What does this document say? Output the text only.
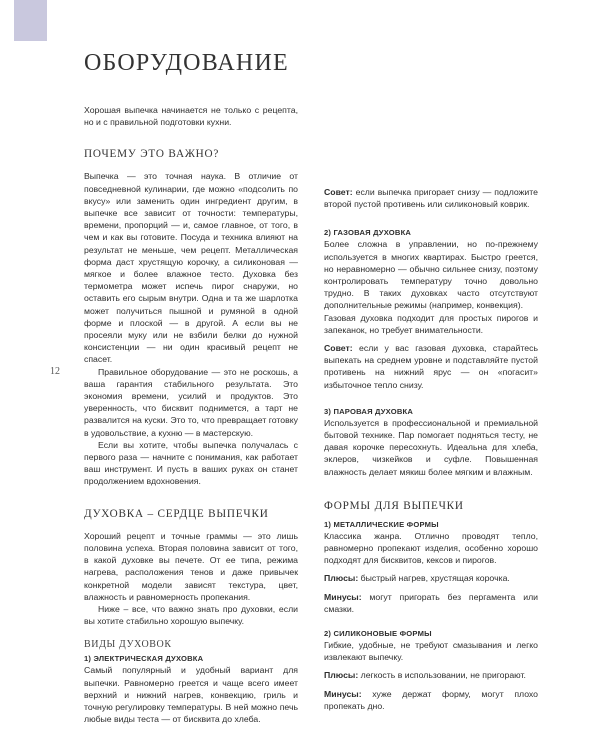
ОБОРУДОВАНИЕ
12

Хорошая выпечка начинается не только с рецепта, но и с правильной подготовки кухни.

ПОЧЕМУ ЭТО ВАЖНО?

Выпечка — это точная наука. В отличие от повседневной кулинарии, где можно «подсолить по вкусу» или заменить один ингредиент другим, в выпечке все зависит от точности: температуры, времени, пропорций — и, самое главное, от того, в чем и как вы готовите. Посуда и техника влияют на результат не меньше, чем рецепт. Металлическая форма даст хрустящую корочку, а силиконовая — мягкое и более влажное тесто. Духовка без термометра может испечь пирог снаружи, но оставить его сырым внутри. Одна и та же шарлотка может получиться пышной и румяной в одной форме и плоской — в другой. А если вы не просеяли муку или не взбили белки до нужной консистенции — ни один красивый рецепт не спасет.

Правильное оборудование — это не роскошь, а ваша гарантия стабильного результата. Это экономия времени, усилий и продуктов. Это уверенность, что бисквит поднимется, а тарт не развалится на куски. Это то, что превращает готовку в удовольствие, а кухню — в мастерскую.

Если вы хотите, чтобы выпечка получалась с первого раза — начните с понимания, как работает ваш инструмент. И пусть в ваших руках он станет продолжением вдохновения.

ДУХОВКА – СЕРДЦЕ ВЫПЕЧКИ

Хороший рецепт и точные граммы — это лишь половина успеха. Вторая половина зависит от того, в какой духовке вы печете. От ее типа, режима нагрева, расположения тенов и даже привычек конкретной модели зависят текстура, цвет, влажность и равномерность пропекания.

Ниже – все, что важно знать про духовки, если вы хотите стабильно хорошую выпечку.

ВИДЫ ДУХОВОК
1) ЭЛЕКТРИЧЕСКАЯ ДУХОВКА

Самый популярный и удобный вариант для выпечки. Равномерно греется и чаще всего имеет верхний и нижний нагрев, конвекцию, гриль и точную регулировку температуры. В ней можно печь любые виды теста — от бисквита до хлеба.

Совет: если выпечка пригорает снизу — подложите второй пустой противень или силиконовый коврик.

2) ГАЗОВАЯ ДУХОВКА

Более сложна в управлении, но по-прежнему используется в многих квартирах. Быстро греется, но неравномерно — обычно сильнее снизу, поэтому контролировать температуру точно довольно трудно. В таких духовках часто отсутствуют дополнительные режимы (например, конвекция).

Газовая духовка подходит для простых пирогов и запеканок, но требует внимательности.

Совет: если у вас газовая духовка, старайтесь выпекать на среднем уровне и подставляйте пустой противень на нижний ярус — он «погасит» избыточное тепло снизу.

3) ПАРОВАЯ ДУХОВКА

Используется в профессиональной и премиальной бытовой технике. Пар помогает подняться тесту, не давая корочке пересохнуть. Идеальна для хлеба, эклеров, чизкейков и суфле. Повышенная влажность делает мякиш более мягким и влажным.

ФОРМЫ ДЛЯ ВЫПЕЧКИ
1) МЕТАЛЛИЧЕСКИЕ ФОРМЫ

Классика жанра. Отлично проводят тепло, равномерно пропекают изделия, особенно хорошо подходят для бисквитов, кексов и пирогов.

Плюсы: быстрый нагрев, хрустящая корочка.

Минусы: могут пригорать без пергамента или смазки.

2) СИЛИКОНОВЫЕ ФОРМЫ

Гибкие, удобные, не требуют смазывания и легко извлекают выпечку.

Плюсы: легкость в использовании, не пригорают.

Минусы: хуже держат форму, могут плохо пропекать дно.
